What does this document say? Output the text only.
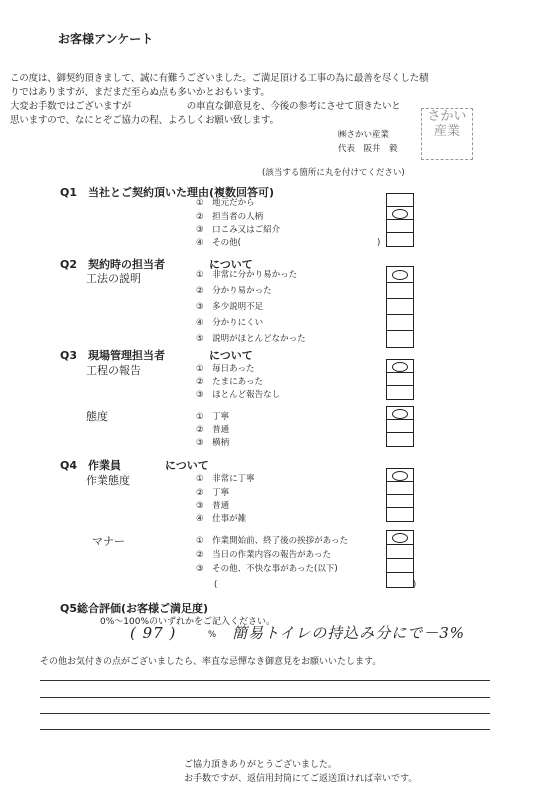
お客様アンケート
この度は、御契約頂きまして、誠に有難うございました。ご満足頂ける工事の為に最善を尽くした積
りではありますが、まだまだ至らぬ点も多いかとおもいます。
大変お手数ではございますが　　　　　　の車直な御意見を、今後の参考にさせて頂きたいと
思いますので、なにとぞご協力の程、よろしくお願い致します。
㈱さかい産業
代表　阪井　毅
さかい産業
(該当する箇所に丸を付けてください)
Q1　当社とご契約頂いた理由(複数回答可)
①　地元だから
②　担当者の人柄
③　口こみ又はご紹介
④　その他(　　　　　　　　　　　　　　　　)
Q2　契約時の担当者　　　　について
工法の説明	①　非常に分かり易かった
②　分かり易かった
③　多少説明不足
④　分かりにくい
⑤　説明がほとんどなかった
Q3　現場管理担当者　　　　について
工程の報告	①　毎日あった
②　たまにあった
③　ほとんど報告なし
態度	①　丁寧
②　普通
③　横柄
Q4　作業員　　　　について
作業態度	①　非常に丁寧
②　丁寧
③　普通
④　仕事が雑
マナー	①　作業開始前、終了後の挨拶があった
②　当日の作業内容の報告があった
③　その他、不快な事があった(以下)
(　　　　　　　　　　　　　　　　　　　　　　　)
Q5総合評価(お客様ご満足度)
0%～100%のいずれかをご記入ください。
( 97 )	% 簡易トイレの持込み分にで－3%
その他お気付きの点がございましたら、率直な忌憚なき御意見をお願いいたします。
ご協力頂きありがとうございました。
お手数ですが、返信用封筒にてご返送頂ければ幸いです。
